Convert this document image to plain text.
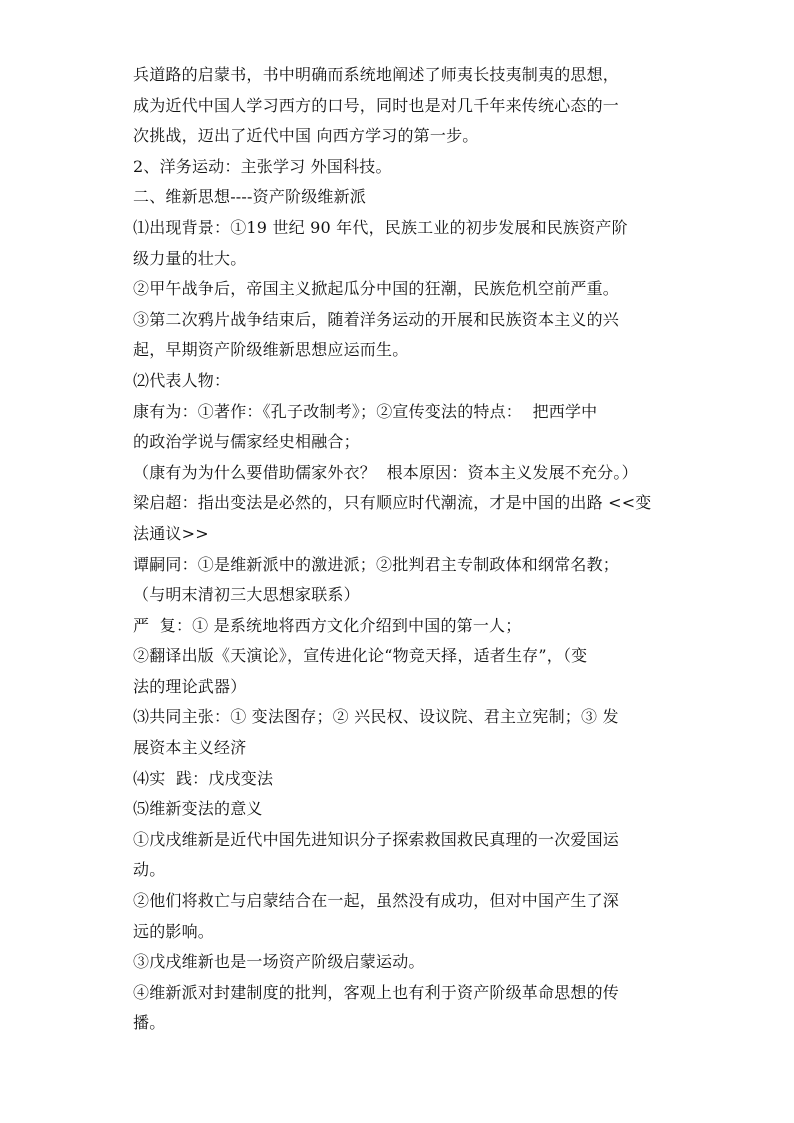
兵道路的启蒙书，书中明确而系统地阐述了师夷长技夷制夷的思想，
成为近代中国人学习西方的口号，同时也是对几千年来传统心态的一
次挑战，迈出了近代中国 向西方学习的第一步。
2、洋务运动：主张学习 外国科技。
二、维新思想----资产阶级维新派
⑴出现背景：①19 世纪 90 年代，民族工业的初步发展和民族资产阶
级力量的壮大。
②甲午战争后，帝国主义掀起瓜分中国的狂潮，民族危机空前严重。
③第二次鸦片战争结束后，随着洋务运动的开展和民族资本主义的兴
起，早期资产阶级维新思想应运而生。
⑵代表人物：
康有为：①著作：《孔子改制考》；②宣传变法的特点：  把西学中
的政治学说与儒家经史相融合；
（康有为为什么要借助儒家外衣？  根本原因：资本主义发展不充分。）
梁启超：指出变法是必然的，只有顺应时代潮流，才是中国的出路 <<变
法通议>>
谭嗣同：①是维新派中的激进派；②批判君主专制政体和纲常名教；
（与明末清初三大思想家联系）
严  复：① 是系统地将西方文化介绍到中国的第一人；
②翻译出版《天演论》，宣传进化论“物竞天择，适者生存”，（变
法的理论武器）
⑶共同主张：① 变法图存；② 兴民权、设议院、君主立宪制；③ 发
展资本主义经济
⑷实  践：戊戌变法
⑸维新变法的意义
①戊戌维新是近代中国先进知识分子探索救国救民真理的一次爱国运
动。
②他们将救亡与启蒙结合在一起，虽然没有成功，但对中国产生了深
远的影响。
③戊戌维新也是一场资产阶级启蒙运动。
④维新派对封建制度的批判，客观上也有利于资产阶级革命思想的传
播。
